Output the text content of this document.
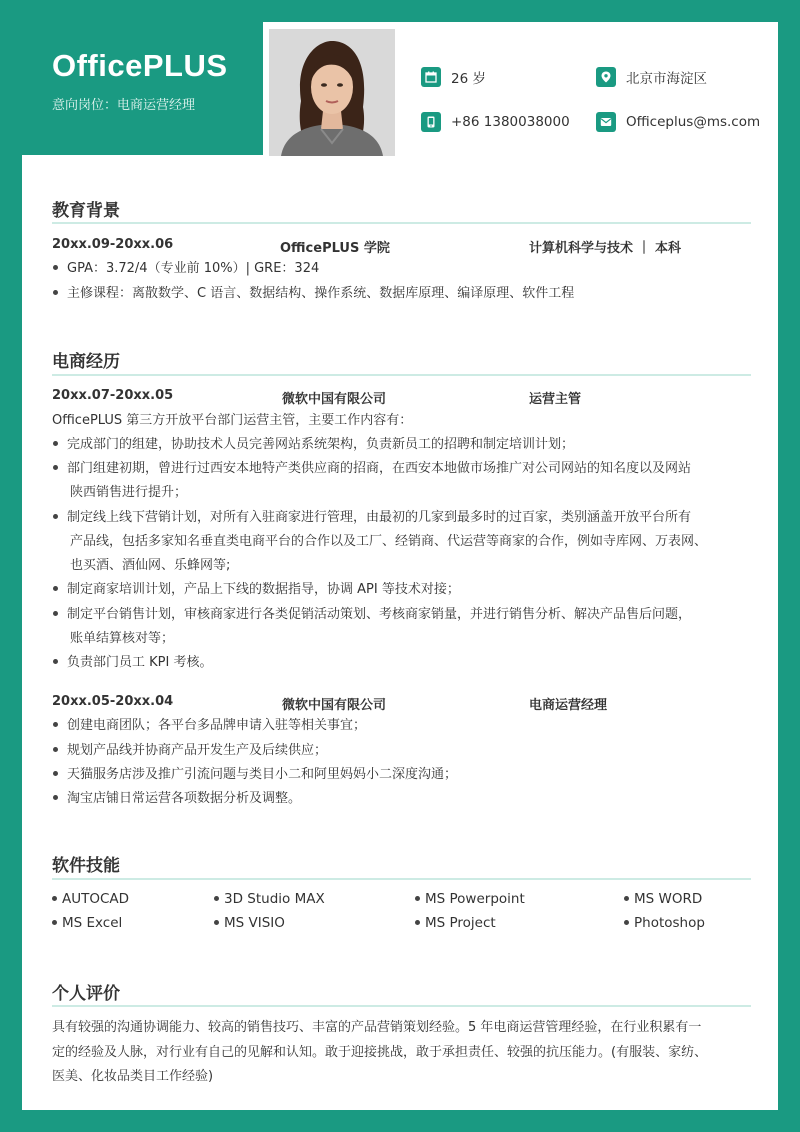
OfficePLUS
意向岗位：电商运营经理
26 岁	北京市海淀区
+86 1380038000	Officeplus@ms.com
教育背景
20xx.09-20xx.06	OfficePLUS 学院	计算机科学与技术 ｜ 本科
GPA：3.72/4（专业前 10%）| GRE：324
主修课程：离散数学、C 语言、数据结构、操作系统、数据库原理、编译原理、软件工程
电商经历
20xx.07-20xx.05	微软中国有限公司	运营主管
OfficePLUS 第三方开放平台部门运营主管，主要工作内容有：
完成部门的组建，协助技术人员完善网站系统架构，负责新员工的招聘和制定培训计划；
部门组建初期，曾进行过西安本地特产类供应商的招商，在西安本地做市场推广对公司网站的知名度以及网站
陕西销售进行提升；
制定线上线下营销计划，对所有入驻商家进行管理，由最初的几家到最多时的过百家，类别涵盖开放平台所有
产品线，包括多家知名垂直类电商平台的合作以及工厂、经销商、代运营等商家的合作，例如寺库网、万表网、
也买酒、酒仙网、乐蜂网等;
制定商家培训计划，产品上下线的数据指导，协调 API 等技术对接；
制定平台销售计划，审核商家进行各类促销活动策划、考核商家销量，并进行销售分析、解决产品售后问题，
账单结算核对等；
负责部门员工 KPI 考核。
20xx.05-20xx.04	微软中国有限公司	电商运营经理
创建电商团队；各平台多品牌申请入驻等相关事宜；
规划产品线并协商产品开发生产及后续供应；
天猫服务店涉及推广引流问题与类目小二和阿里妈妈小二深度沟通；
淘宝店铺日常运营各项数据分析及调整。
软件技能
AUTOCAD	3D Studio MAX	MS Powerpoint	MS WORD
MS Excel	MS VISIO	MS Project	Photoshop
个人评价
具有较强的沟通协调能力、较高的销售技巧、丰富的产品营销策划经验。5 年电商运营管理经验，在行业积累有一
定的经验及人脉，对行业有自己的见解和认知。敢于迎接挑战，敢于承担责任、较强的抗压能力。(有服装、家纺、
医美、化妆品类目工作经验)
